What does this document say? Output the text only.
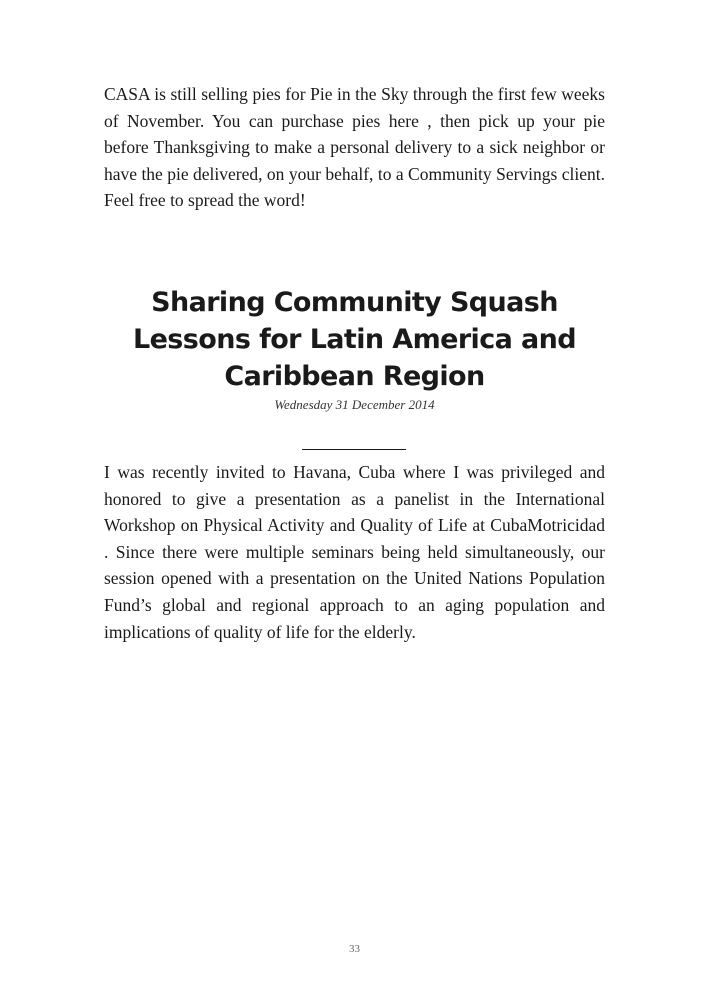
CASA is still selling pies for Pie in the Sky through the first few weeks of November. You can purchase pies here , then pick up your pie before Thanksgiving to make a personal delivery to a sick neighbor or have the pie delivered, on your behalf, to a Community Servings client. Feel free to spread the word!

Sharing Community Squash Lessons for Latin America and Caribbean Region

Wednesday 31 December 2014

I was recently invited to Havana, Cuba where I was privileged and honored to give a presentation as a panelist in the International Workshop on Physical Activity and Quality of Life at CubaMotricidad . Since there were multiple seminars being held simultaneously, our session opened with a presentation on the United Nations Population Fund’s global and regional approach to an aging population and implications of quality of life for the elderly.

33
